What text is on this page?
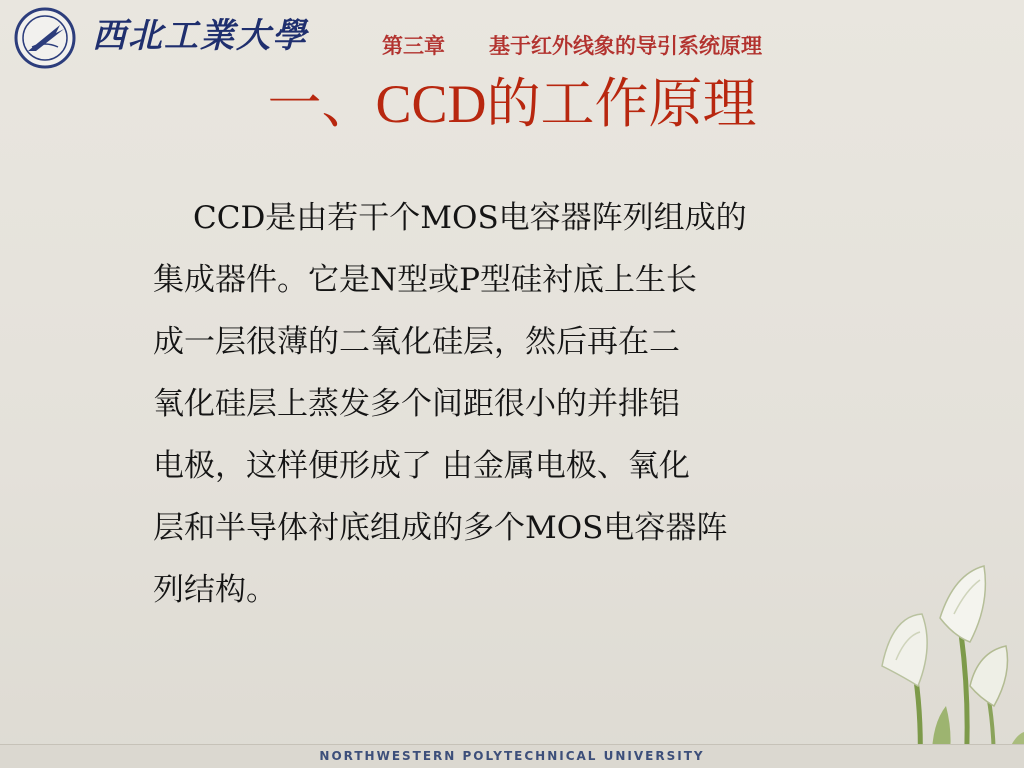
西北工業大學	第三章 基于红外线象的导引系统原理
一、CCD的工作原理
CCD是由若干个MOS电容器阵列组成的
集成器件。它是N型或P型硅衬底上生长
成一层很薄的二氧化硅层，然后再在二
氧化硅层上蒸发多个间距很小的并排铝
电极，这样便形成了 由金属电极、氧化
层和半导体衬底组成的多个MOS电容器阵
列结构。
NORTHWESTERN POLYTECHNICAL UNIVERSITY
